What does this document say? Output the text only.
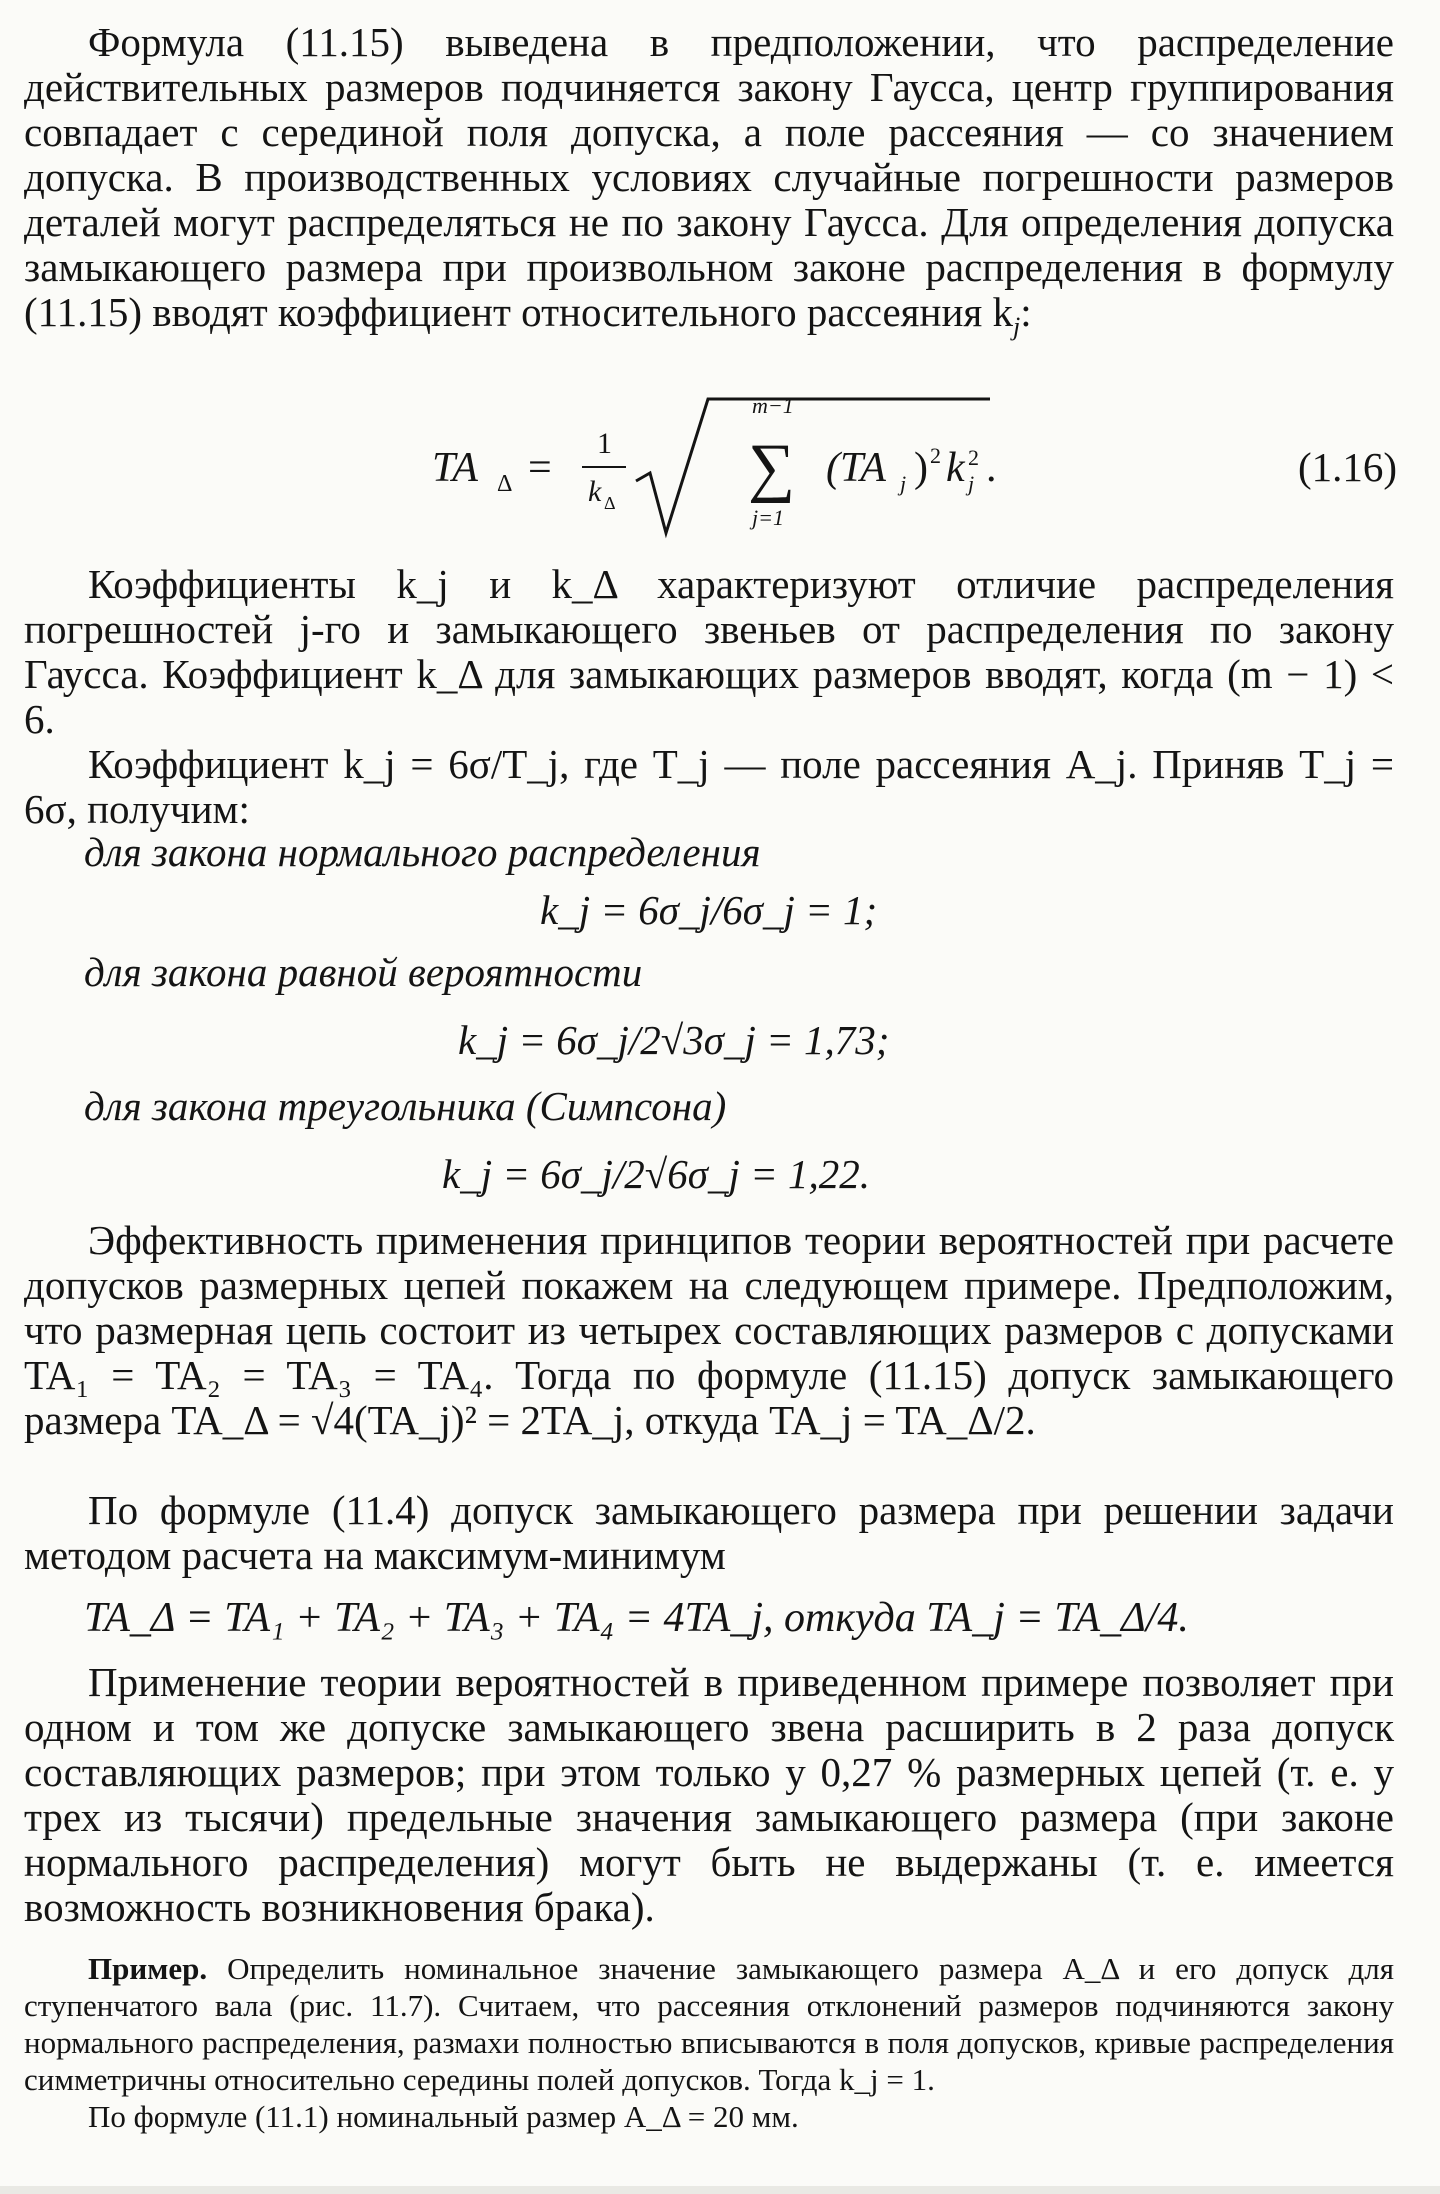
Формула (11.15) выведена в предположении, что распределение действительных размеров подчиняется закону Гаусса, центр группирования совпадает с серединой поля допуска, а поле рассеяния — со значением допуска. В производственных условиях случайные погрешности размеров деталей могут распределяться не по закону Гаусса. Для определения допуска замыкающего размера при произвольном законе распределения в формулу (11.15) вводят коэффициент относительного рассеяния $k_j$:

TA Δ =
1
k Δ
m−1
∑
j=1
(TA j ) 2 k j
2 .	(1.16)

Коэффициенты k_j и k_Δ характеризуют отличие распределения погрешностей j-го и замыкающего звеньев от распределения по закону Гаусса. Коэффициент k_Δ для замыкающих размеров вводят, когда (m − 1) < 6.

Коэффициент k_j = 6σ/T_j, где T_j — поле рассеяния A_j. Приняв T_j = 6σ, получим:

для закона нормального распределения
k_j = 6σ_j/6σ_j = 1;
для закона равной вероятности
k_j = 6σ_j/2√3σ_j = 1,73;
для закона треугольника (Симпсона)
k_j = 6σ_j/2√6σ_j = 1,22.

Эффективность применения принципов теории вероятностей при расчете допусков размерных цепей покажем на следующем примере. Предположим, что размерная цепь состоит из четырех составляющих размеров с допусками TA₁ = TA₂ = TA₃ = TA₄. Тогда по формуле (11.15) допуск замыкающего размера TA_Δ = √4(TA_j)² = 2TA_j, откуда TA_j = TA_Δ/2.

По формуле (11.4) допуск замыкающего размера при решении задачи методом расчета на максимум-минимум

TA_Δ = TA₁ + TA₂ + TA₃ + TA₄ = 4TA_j, откуда TA_j = TA_Δ/4.

Применение теории вероятностей в приведенном примере позволяет при одном и том же допуске замыкающего звена расширить в 2 раза допуск составляющих размеров; при этом только у 0,27 % размерных цепей (т. е. у трех из тысячи) предельные значения замыкающего размера (при законе нормального распределения) могут быть не выдержаны (т. е. имеется возможность возникновения брака).

Пример. Определить номинальное значение замыкающего размера A_Δ и его допуск для ступенчатого вала (рис. 11.7). Считаем, что рассеяния отклонений размеров подчиняются закону нормального распределения, размахи полностью вписываются в поля допусков, кривые распределения симметричны относительно середины полей допусков. Тогда k_j = 1.

По формуле (11.1) номинальный размер A_Δ = 20 мм.
